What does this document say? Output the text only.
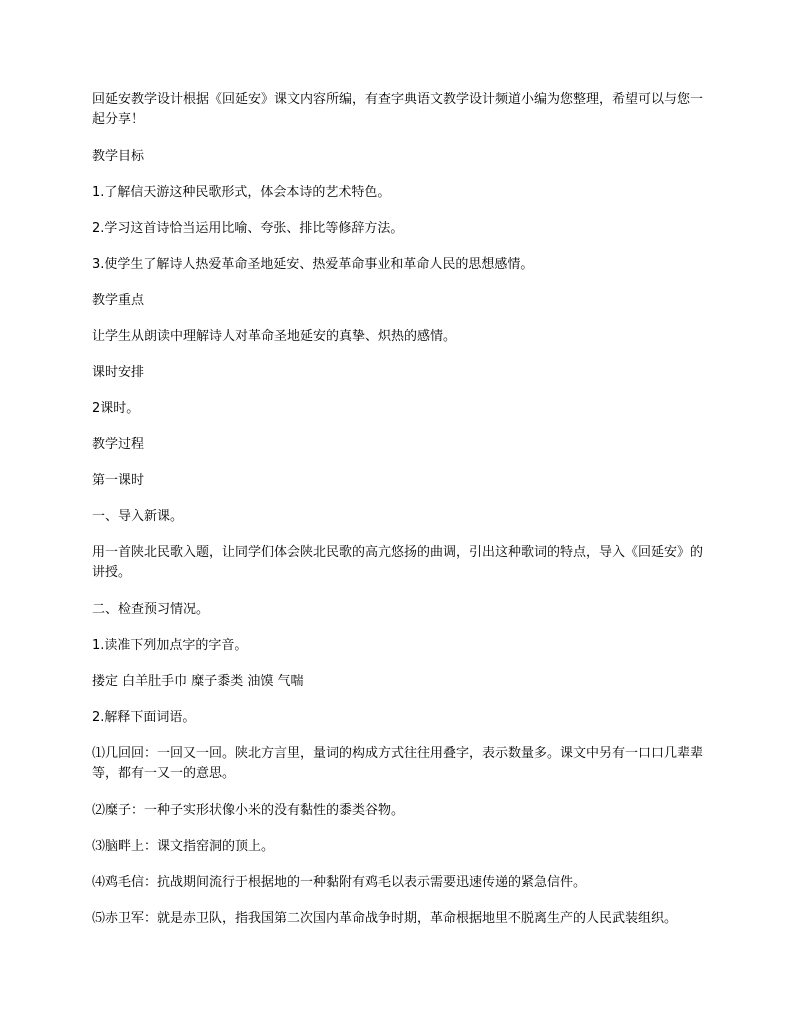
回延安教学设计根据《回延安》课文内容所编，有查字典语文教学设计频道小编为您整理，希望可以与您一起分享！

教学目标

1.了解信天游这种民歌形式，体会本诗的艺术特色。

2.学习这首诗恰当运用比喻、夸张、排比等修辞方法。

3.使学生了解诗人热爱革命圣地延安、热爱革命事业和革命人民的思想感情。

教学重点

让学生从朗读中理解诗人对革命圣地延安的真挚、炽热的感情。

课时安排

2课时。

教学过程

第一课时

一、导入新课。

用一首陕北民歌入题，让同学们体会陕北民歌的高亢悠扬的曲调，引出这种歌词的特点，导入《回延安》的讲授。

二、检查预习情况。

1.读准下列加点字的字音。

搂定 白羊肚手巾 糜子黍类 油馍 气喘

2.解释下面词语。

⑴几回回：一回又一回。陕北方言里，量词的构成方式往往用叠字，表示数量多。课文中另有一口口几辈辈等，都有一又一的意思。

⑵糜子：一种子实形状像小米的没有黏性的黍类谷物。

⑶脑畔上：课文指窑洞的顶上。

⑷鸡毛信：抗战期间流行于根据地的一种黏附有鸡毛以表示需要迅速传递的紧急信件。

⑸赤卫军：就是赤卫队，指我国第二次国内革命战争时期，革命根据地里不脱离生产的人民武装组织。
